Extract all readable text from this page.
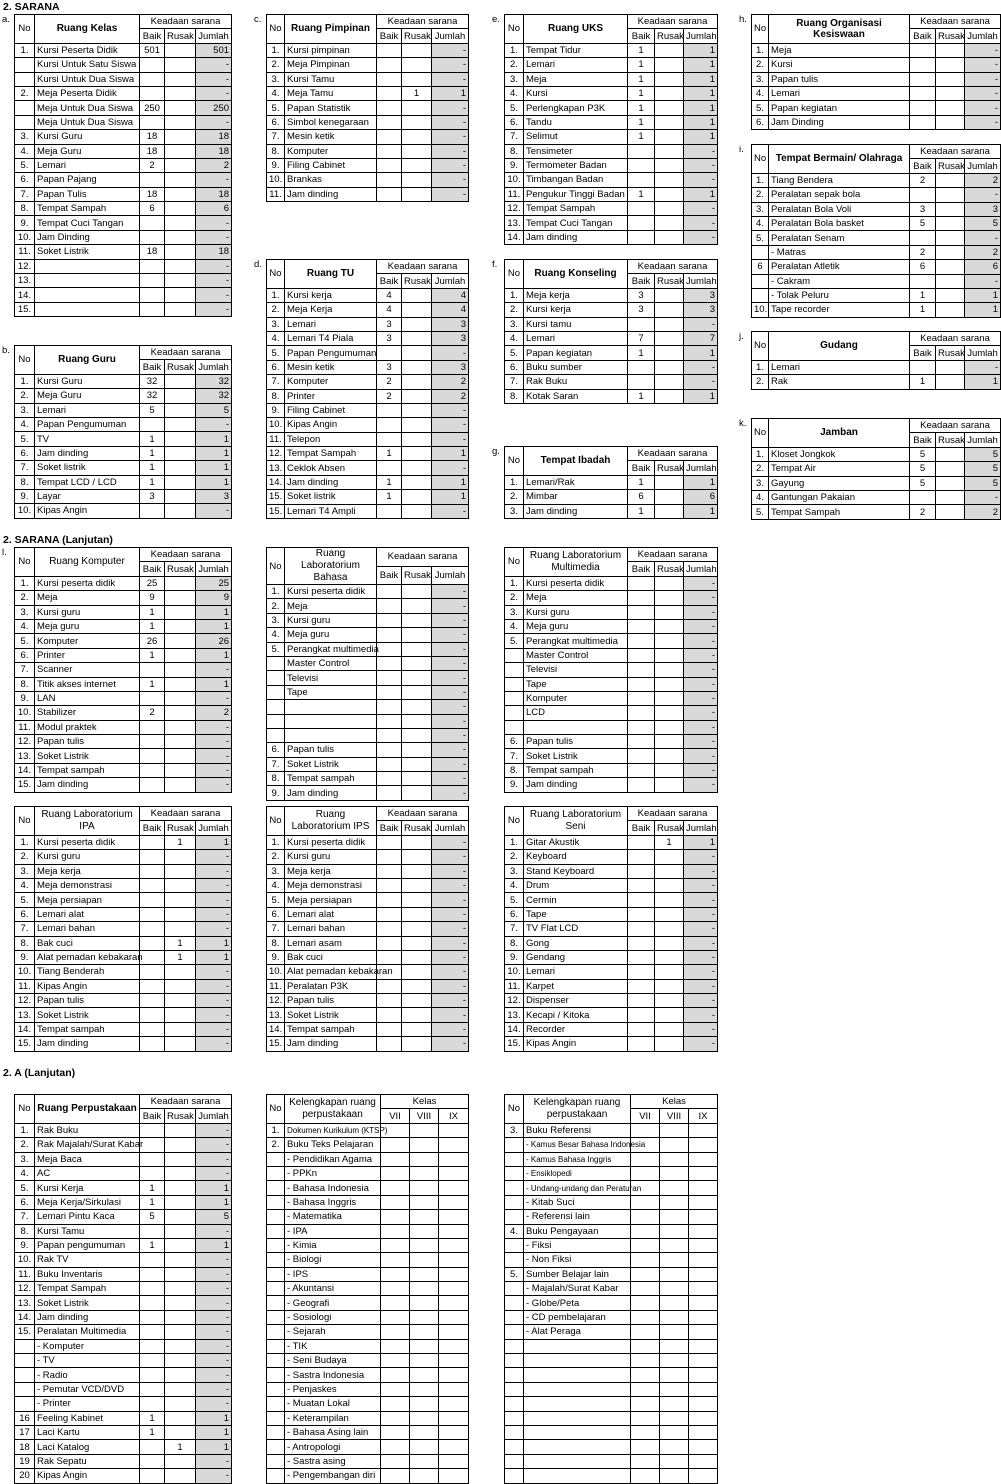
2. SARANA
2. SARANA (Lanjutan)
2. A (Lanjutan)
a.
No	Ruang Kelas	Keadaan sarana		
		Baik	Rusak	Jumlah
1.	Kursi Peserta Didik	501		501
	Kursi Untuk Satu Siswa			-
	Kursi Untuk Dua Siswa			-
2.	Meja Peserta Didik			-
	Meja Untuk Dua Siswa	250		250
	Meja Untuk Dua Siswa			-
3.	Kursi Guru	18		18
4.	Meja Guru	18		18
5.	Lemari	2		2
6.	Papan Pajang			-
7.	Papan Tulis	18		18
8.	Tempat Sampah	6		6
9.	Tempat Cuci Tangan			-
10.	Jam Dinding			-
11.	Soket Listrik	18		18
12.				-
13.				-
14.				-
15.				-
b.
No	Ruang Guru	Keadaan sarana		
		Baik	Rusak	Jumlah
1.	Kursi Guru	32		32
2.	Meja Guru	32		32
3.	Lemari	5		5
4.	Papan Pengumuman			-
5.	TV	1		1
6.	Jam dinding	1		1
7.	Soket listrik	1		1
8.	Tempat LCD / LCD	1		1
9.	Layar	3		3
10.	Kipas Angin			-
c.
No	Ruang Pimpinan	Keadaan sarana		
		Baik	Rusak	Jumlah
1.	Kursi pimpinan			-
2.	Meja Pimpinan			-
3.	Kursi Tamu			-
4.	Meja Tamu		1	1
5.	Papan Statistik			-
6.	Simbol kenegaraan			-
7.	Mesin ketik			-
8.	Komputer			-
9.	Filing Cabinet			-
10.	Brankas			-
11.	Jam dinding			-
d.
No	Ruang TU	Keadaan sarana		
		Baik	Rusak	Jumlah
1.	Kursi kerja	4		4
2.	Meja Kerja	4		4
3.	Lemari	3		3
4.	Lemari T4 Piala	3		3
5.	Papan Pengumuman			-
6.	Mesin ketik	3		3
7.	Komputer	2		2
8.	Printer	2		2
9.	Filing Cabinet			-
10.	Kipas Angin			-
11.	Telepon			-
12.	Tempat Sampah	1		1
13.	Ceklok Absen			-
14.	Jam dinding	1		1
15.	Soket listrik	1		1
15.	Lemari T4 Ampli			-
e.
No	Ruang UKS	Keadaan sarana		
		Baik	Rusak	Jumlah
1.	Tempat Tidur	1		1
2.	Lemari	1		1
3.	Meja	1		1
4.	Kursi	1		1
5.	Perlengkapan P3K	1		1
6.	Tandu	1		1
7.	Selimut	1		1
8.	Tensimeter			-
9.	Termometer Badan			-
10.	Timbangan Badan			-
11.	Pengukur Tinggi Badan	1		1
12.	Tempat Sampah			-
13.	Tempat Cuci Tangan			-
14.	Jam dinding			-
f.
No	Ruang Konseling	Keadaan sarana		
		Baik	Rusak	Jumlah
1.	Meja kerja	3		3
2.	Kursi kerja	3		3
3.	Kursi tamu			-
4.	Lemari	7		7
5.	Papan kegiatan	1		1
6.	Buku sumber			-
7.	Rak Buku			-
8.	Kotak Saran	1		1
g.
No	Tempat Ibadah	Keadaan sarana		
		Baik	Rusak	Jumlah
1.	Lemari/Rak	1		1
2.	Mimbar	6		6
3.	Jam dinding	1		1
h.
No	Ruang Organisasi Kesiswaan	Keadaan sarana		
		Baik	Rusak	Jumlah
1.	Meja			-
2.	Kursi			-
3.	Papan tulis			-
4.	Lemari			-
5.	Papan kegiatan			-
6.	Jam Dinding			-
i.
No	Tempat Bermain/ Olahraga	Keadaan sarana		
		Baik	Rusak	Jumlah
1.	Tiang Bendera	2		2
2.	Peralatan sepak bola			-
3.	Peralatan Bola Voli	3		3
4.	Peralatan Bola basket	5		5
5.	Peralatan Senam			-
	- Matras	2		2
6	Peralatan Atletik	6		6
	- Cakram			-
	- Tolak Peluru	1		1
10.	Tape recorder	1		1
j.
No	Gudang	Keadaan sarana		
		Baik	Rusak	Jumlah
1.	Lemari			-
2.	Rak	1		1
k.
No	Jamban	Keadaan sarana		
		Baik	Rusak	Jumlah
1.	Kloset Jongkok	5		5
2.	Tempat Air	5		5
3.	Gayung	5		5
4.	Gantungan Pakaian			-
5.	Tempat Sampah	2		2
l.
No	Ruang Komputer	Keadaan sarana		
		Baik	Rusak	Jumlah
1.	Kursi peserta didik	25		25
2.	Meja	9		9
3.	Kursi guru	1		1
4.	Meja guru	1		1
5.	Komputer	26		26
6.	Printer	1		1
7.	Scanner			-
8.	Titik akses internet	1		1
9.	LAN			-
10.	Stabilizer	2		2
11.	Modul praktek			-
12.	Papan tulis			-
13.	Soket Listrik			-
14.	Tempat sampah			-
15.	Jam dinding			-
No	Ruang Laboratorium Bahasa	Keadaan sarana		
		Baik	Rusak	Jumlah
1.	Kursi peserta didik			-
2.	Meja			-
3.	Kursi guru			-
4.	Meja guru			-
5.	Perangkat multimedia			-
	Master Control			-
	Televisi			-
	Tape			-
				-
				-
				-
6.	Papan tulis			-
7.	Soket Listrik			-
8.	Tempat sampah			-
9.	Jam dinding			-
No	Ruang Laboratorium Multimedia	Keadaan sarana		
		Baik	Rusak	Jumlah
1.	Kursi peserta didik			-
2.	Meja			-
3.	Kursi guru			-
4.	Meja guru			-
5.	Perangkat multimedia			-
	Master Control			-
	Televisi			-
	Tape			-
	Komputer			-
	LCD			-
				-
6.	Papan tulis			-
7.	Soket Listrik			-
8.	Tempat sampah			-
9.	Jam dinding			-
No	Ruang Laboratorium IPA	Keadaan sarana		
		Baik	Rusak	Jumlah
1.	Kursi peserta didik		1	1
2.	Kursi guru			-
3.	Meja kerja			-
4.	Meja demonstrasi			-
5.	Meja persiapan			-
6.	Lemari alat			-
7.	Lemari bahan			-
8.	Bak cuci		1	1
9.	Alat pemadan kebakaran		1	1
10.	Tiang Benderah			-
11.	Kipas Angin			-
12.	Papan tulis			-
13.	Soket Listrik			-
14.	Tempat sampah			-
15.	Jam dinding			-
No	Ruang Laboratorium IPS	Keadaan sarana		
		Baik	Rusak	Jumlah
1.	Kursi peserta didik			-
2.	Kursi guru			-
3.	Meja kerja			-
4.	Meja demonstrasi			-
5.	Meja persiapan			-
6.	Lemari alat			-
7.	Lemari bahan			-
8.	Lemari asam			-
9.	Bak cuci			-
10.	Alat pemadan kebakaran			-
11.	Peralatan P3K			-
12.	Papan tulis			-
13.	Soket Listrik			-
14.	Tempat sampah			-
15.	Jam dinding			-
No	Ruang Laboratorium Seni	Keadaan sarana		
		Baik	Rusak	Jumlah
1.	Gitar Akustik		1	1
2.	Keyboard			-
3.	Stand Keyboard			-
4.	Drum			-
5.	Cermin			-
6.	Tape			-
7.	TV Flat LCD			-
8.	Gong			-
9.	Gendang			-
10.	Lemari			-
11.	Karpet			-
12.	Dispenser			-
13.	Kecapi / Kitoka			-
14.	Recorder			-
15.	Kipas Angin			-
No	Ruang Perpustakaan	Keadaan sarana		
		Baik	Rusak	Jumlah
1.	Rak Buku			-
2.	Rak Majalah/Surat Kabar			-
3.	Meja Baca			-
4.	AC			-
5.	Kursi Kerja	1		1
6.	Meja Kerja/Sirkulasi	1		1
7.	Lemari Pintu Kaca	5		5
8.	Kursi Tamu			-
9.	Papan pengumuman	1		1
10.	Rak TV			-
11.	Buku Inventaris			-
12.	Tempat Sampah			-
13.	Soket Listrik			-
14.	Jam dinding			-
15.	Peralatan Multimedia			-
	- Komputer			-
	- TV			-
	- Radio			-
	- Pemutar VCD/DVD			-
	- Printer			-
16	Feeling Kabinet	1		1
17	Laci Kartu	1		1
18	Laci Katalog		1	1
19	Rak Sepatu			-
20	Kipas Angin			-
No	Kelengkapan ruang perpustakaan	Kelas		
		VII	VIII	IX
1.	Dokumen Kurikulum (KTSP)			
2.	Buku Teks Pelajaran			
	- Pendidikan Agama			
	- PPKn			
	- Bahasa Indonesia			
	- Bahasa Inggris			
	- Matematika			
	- IPA			
	- Kimia			
	- Biologi			
	- IPS			
	- Akuntansi			
	- Geografi			
	- Sosiologi			
	- Sejarah			
	- TIK			
	- Seni Budaya			
	- Sastra Indonesia			
	- Penjaskes			
	- Muatan Lokal			
	- Keterampilan			
	- Bahasa Asing lain			
	- Antropologi			
	- Sastra asing			
	- Pengembangan diri			
No	Kelengkapan ruang perpustakaan	Kelas		
		VII	VIII	IX
3.	Buku Referensi			
	- Kamus Besar Bahasa Indonesia			
	- Kamus Bahasa Inggris			
	- Ensiklopedi			
	- Undang-undang dan Peraturan			
	- Kitab Suci			
	- Referensi lain			
4.	Buku Pengayaan			
	- Fiksi			
	- Non Fiksi			
5.	Sumber Belajar lain			
	- Majalah/Surat Kabar			
	- Globe/Peta			
	- CD pembelajaran			
	- Alat Peraga			
